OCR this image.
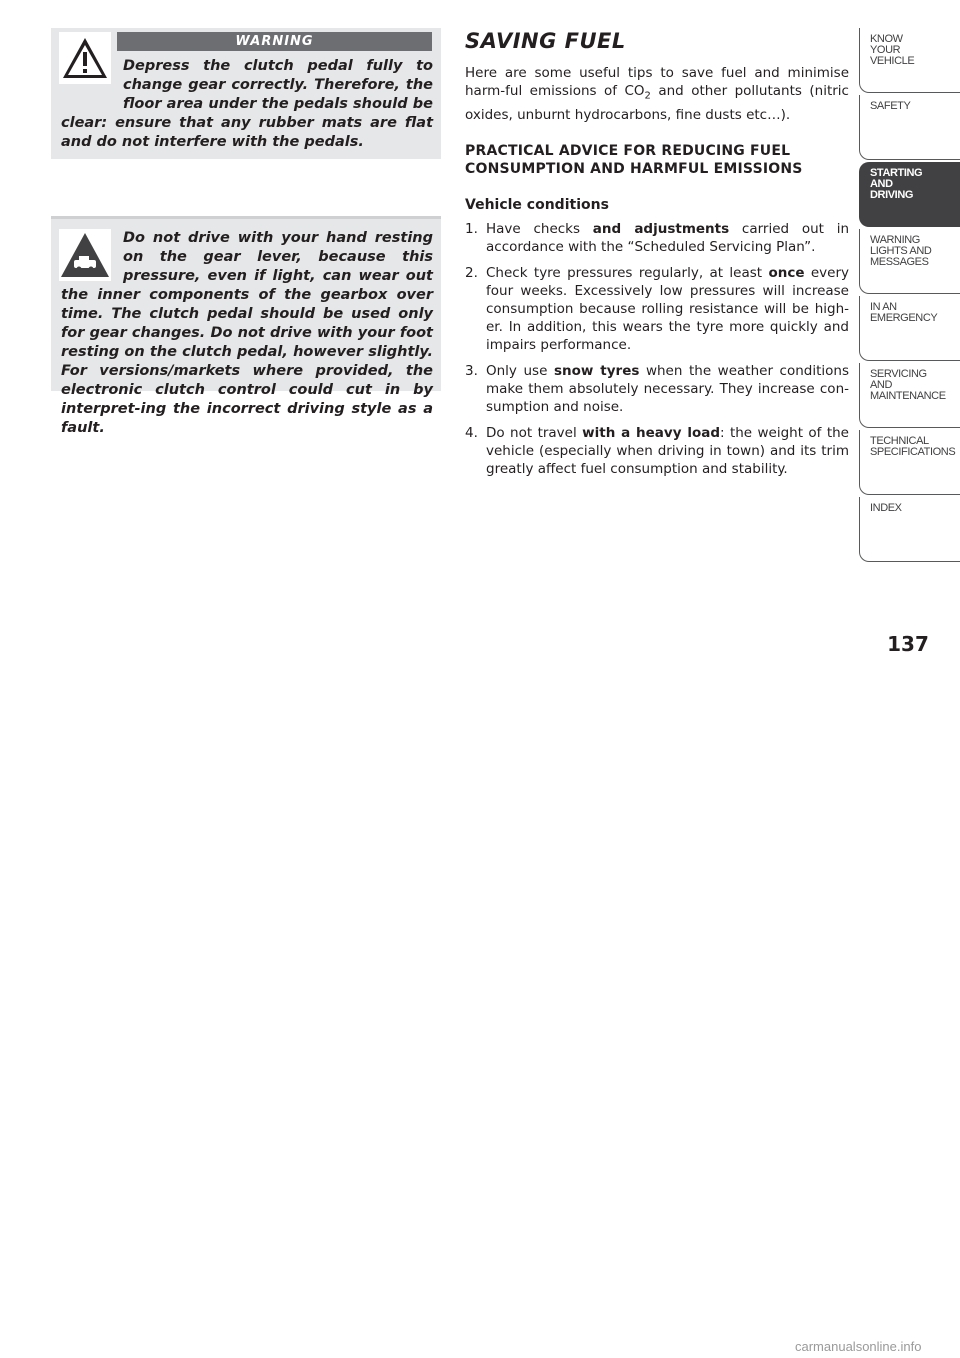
WARNING

Depress the clutch pedal fully to change gear correctly. Therefore, the floor area under the pedals should be clear: ensure that any rubber mats are flat and do not interfere with the pedals.

Do not drive with your hand resting on the gear lever, because this pressure, even if light, can wear out the inner components of the gearbox over time. The clutch pedal should be used only for gear changes. Do not drive with your foot resting on the clutch pedal, however slightly. For versions/markets where provided, the electronic clutch control could cut in by interpret-ing the incorrect driving style as a fault.

SAVING FUEL

Here are some useful tips to save fuel and minimise harm-ful emissions of $CO_2$ and other pollutants (nitric oxides, unburnt hydrocarbons, fine dusts etc…).

PRACTICAL ADVICE FOR REDUCING FUEL CONSUMPTION AND HARMFUL EMISSIONS

Vehicle conditions

1. Have checks and adjustments carried out in accordance with the “Scheduled Servicing Plan”.
2. Check tyre pressures regularly, at least once every four weeks. Excessively low pressures will increase consumption because rolling resistance will be high-er. In addition, this wears the tyre more quickly and impairs performance.
3. Only use snow tyres when the weather conditions make them absolutely necessary. They increase con-sumption and noise.
4. Do not travel with a heavy load: the weight of the vehicle (especially when driving in town) and its trim greatly affect fuel consumption and stability.
KNOW
YOUR
VEHICLE
SAFETY
STARTING
AND
DRIVING
WARNING
LIGHTS AND
MESSAGES
IN AN
EMERGENCY
SERVICING
AND
MAINTENANCE
TECHNICAL
SPECIFICATIONS
INDEX
137
carmanualsonline.info
